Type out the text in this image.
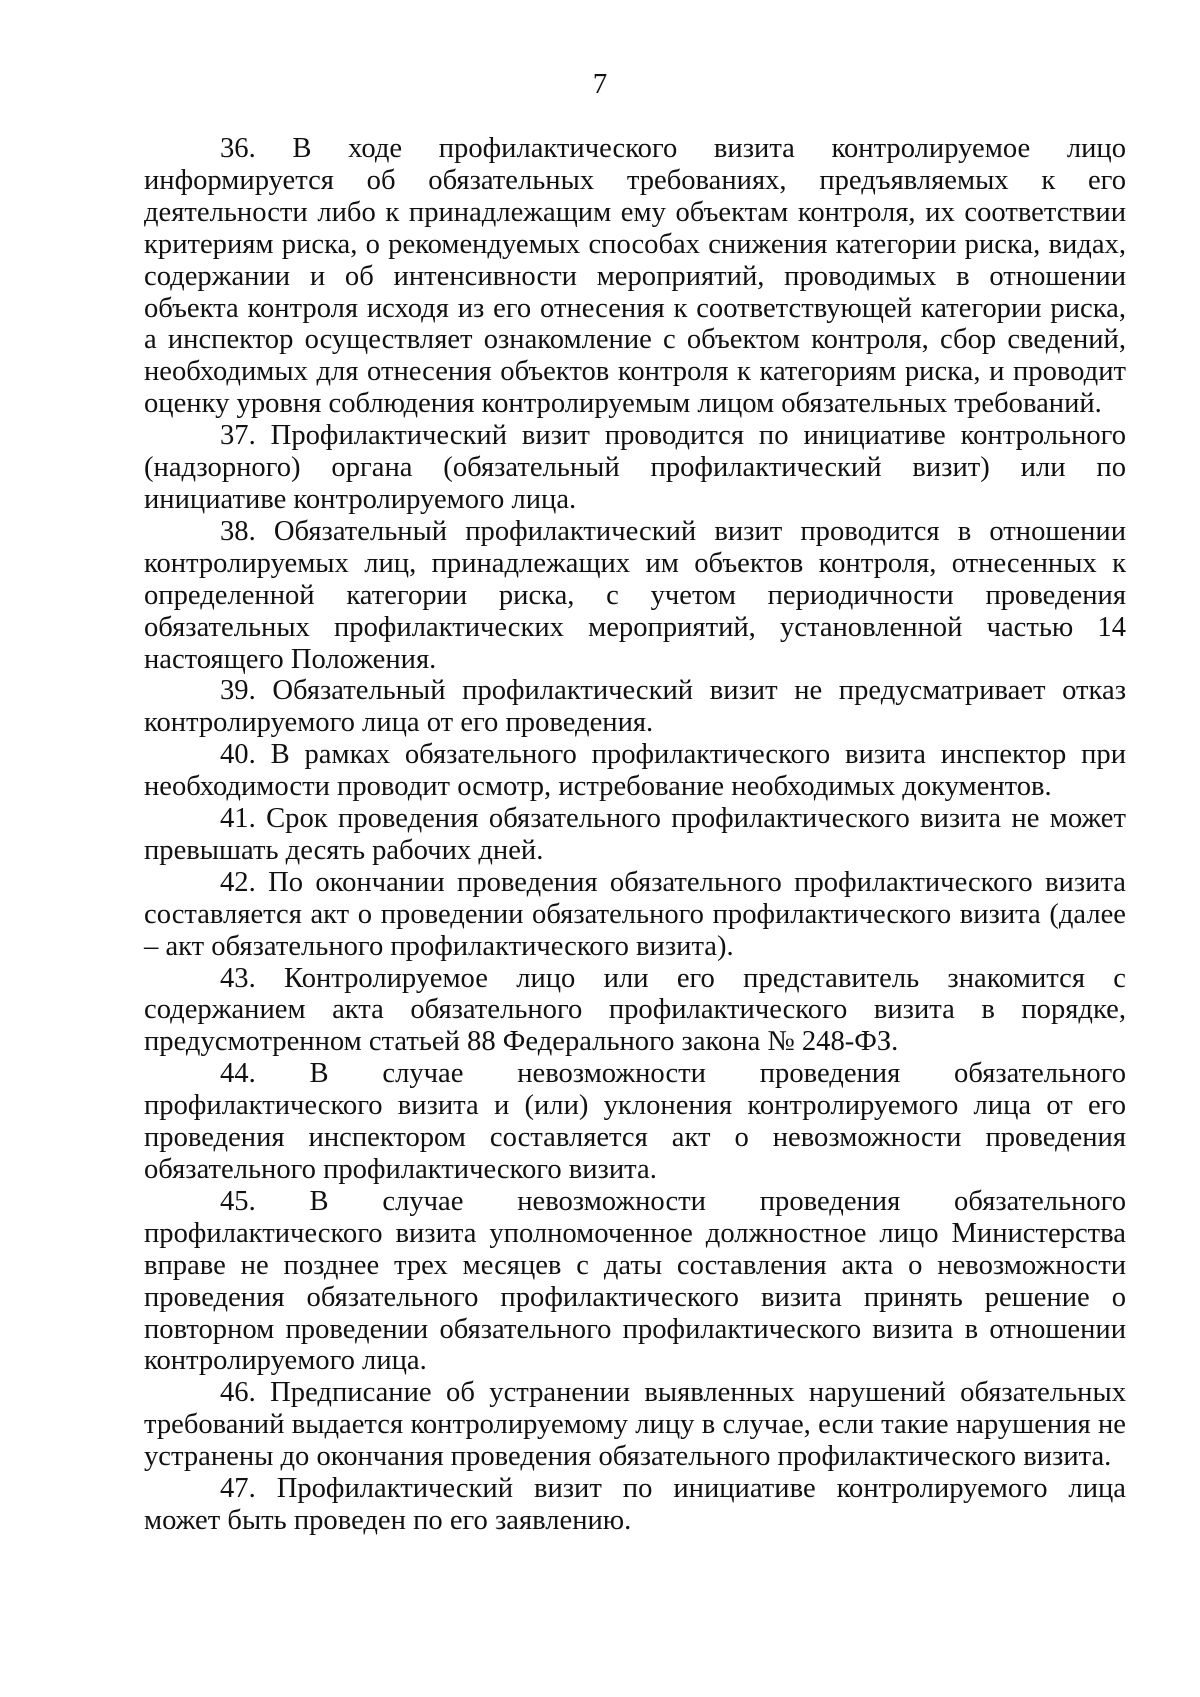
7

36. В ходе профилактического визита контролируемое лицо информируется об обязательных требованиях, предъявляемых к его деятельности либо к принадлежащим ему объектам контроля, их соответствии критериям риска, о рекомендуемых способах снижения категории риска, видах, содержании и об интенсивности мероприятий, проводимых в отношении объекта контроля исходя из его отнесения к соответствующей категории риска, а инспектор осуществляет ознакомление с объектом контроля, сбор сведений, необходимых для отнесения объектов контроля к категориям риска, и проводит оценку уровня соблюдения контролируемым лицом обязательных требований.

37. Профилактический визит проводится по инициативе контрольного (надзорного) органа (обязательный профилактический визит) или по инициативе контролируемого лица.

38. Обязательный профилактический визит проводится в отношении контролируемых лиц, принадлежащих им объектов контроля, отнесенных к определенной категории риска, с учетом периодичности проведения обязательных профилактических мероприятий, установленной частью 14 настоящего Положения.

39. Обязательный профилактический визит не предусматривает отказ контролируемого лица от его проведения.

40. В рамках обязательного профилактического визита инспектор при необходимости проводит осмотр, истребование необходимых документов.

41. Срок проведения обязательного профилактического визита не может превышать десять рабочих дней.

42. По окончании проведения обязательного профилактического визита составляется акт о проведении обязательного профилактического визита (далее – акт обязательного профилактического визита).

43. Контролируемое лицо или его представитель знакомится с содержанием акта обязательного профилактического визита в порядке, предусмотренном статьей 88 Федерального закона № 248-ФЗ.

44. В случае невозможности проведения обязательного профилактического визита и (или) уклонения контролируемого лица от его проведения инспектором составляется акт о невозможности проведения обязательного профилактического визита.

45. В случае невозможности проведения обязательного профилактического визита уполномоченное должностное лицо Министерства вправе не позднее трех месяцев с даты составления акта о невозможности проведения обязательного профилактического визита принять решение о повторном проведении обязательного профилактического визита в отношении контролируемого лица.

46. Предписание об устранении выявленных нарушений обязательных требований выдается контролируемому лицу в случае, если такие нарушения не устранены до окончания проведения обязательного профилактического визита.

47. Профилактический визит по инициативе контролируемого лица может быть проведен по его заявлению.
